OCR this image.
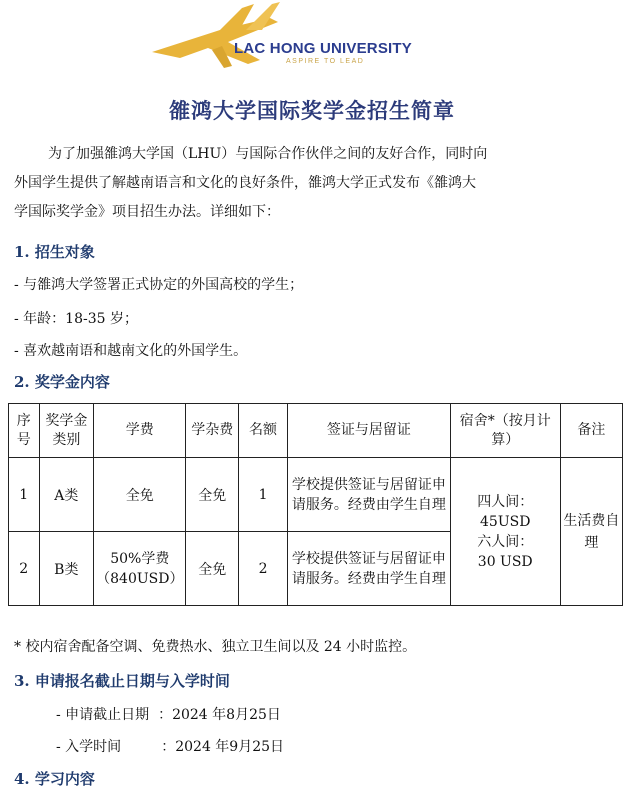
LAC HONG UNIVERSITY
ASPIRE TO LEAD
雒鸿大学国际奖学金招生简章
为了加强雒鸿大学国（LHU）与国际合作伙伴之间的友好合作，同时向
外国学生提供了解越南语言和文化的良好条件，雒鸿大学正式发布《雒鸿大
学国际奖学金》项目招生办法。详细如下：
1. 招生对象
- 与雒鸿大学签署正式协定的外国高校的学生；
- 年龄：18-35 岁；
- 喜欢越南语和越南文化的外国学生。
2. 奖学金内容
序号	奖学金类别	学费	学杂费	名额	签证与居留证	宿舍*（按月计算）	备注
1	A类	全免	全免	1	学校提供签证与居留证申请服务。经费由学生自理	四人间：
45USD
六人间：
30 USD	生活费自理
2	B类	50%学费（840USD）	全免	2	学校提供签证与居留证申请服务。经费由学生自理		
* 校内宿舍配备空调、免费热水、独立卫生间以及 24 小时监控。
3. 申请报名截止日期与入学时间
- 申请截止日期  ：2024 年8月25日
- 入学时间         ：2024 年9月25日
4. 学习内容
